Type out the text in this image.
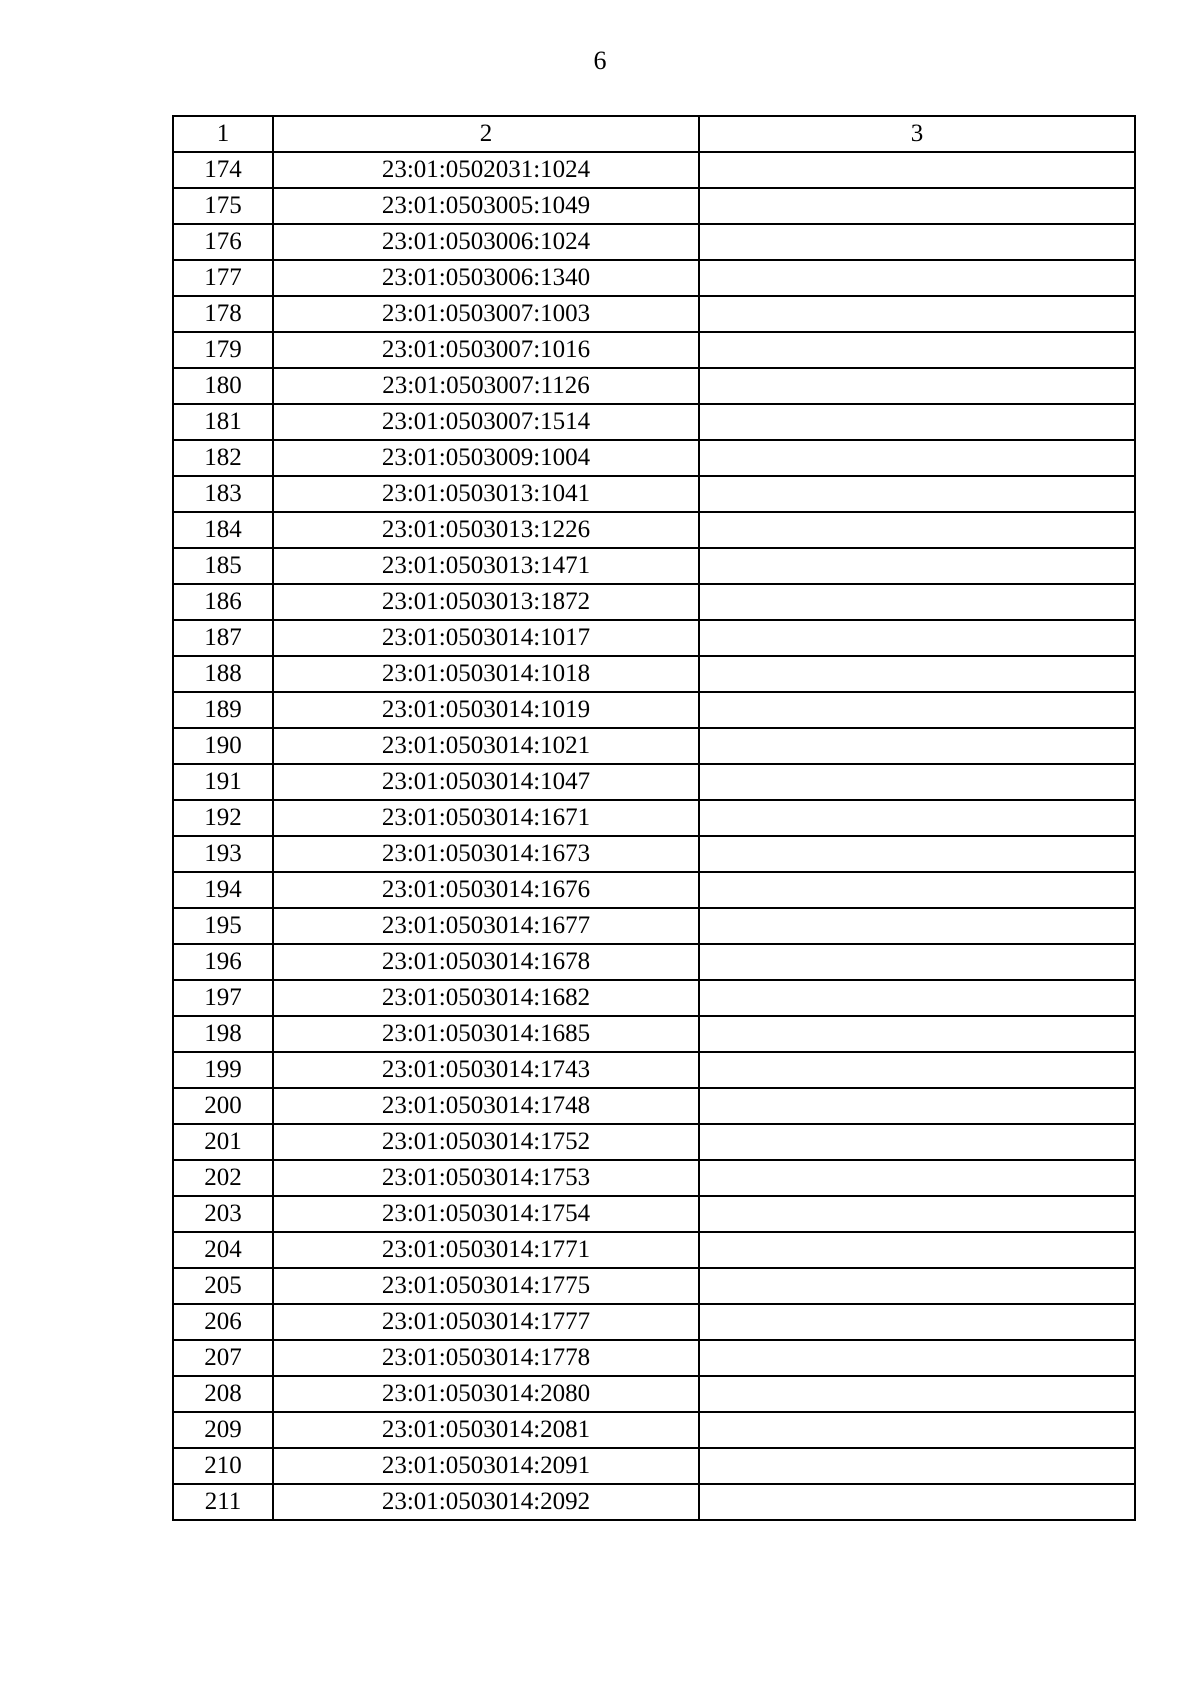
6
1	2	3
174	23:01:0502031:1024	
175	23:01:0503005:1049	
176	23:01:0503006:1024	
177	23:01:0503006:1340	
178	23:01:0503007:1003	
179	23:01:0503007:1016	
180	23:01:0503007:1126	
181	23:01:0503007:1514	
182	23:01:0503009:1004	
183	23:01:0503013:1041	
184	23:01:0503013:1226	
185	23:01:0503013:1471	
186	23:01:0503013:1872	
187	23:01:0503014:1017	
188	23:01:0503014:1018	
189	23:01:0503014:1019	
190	23:01:0503014:1021	
191	23:01:0503014:1047	
192	23:01:0503014:1671	
193	23:01:0503014:1673	
194	23:01:0503014:1676	
195	23:01:0503014:1677	
196	23:01:0503014:1678	
197	23:01:0503014:1682	
198	23:01:0503014:1685	
199	23:01:0503014:1743	
200	23:01:0503014:1748	
201	23:01:0503014:1752	
202	23:01:0503014:1753	
203	23:01:0503014:1754	
204	23:01:0503014:1771	
205	23:01:0503014:1775	
206	23:01:0503014:1777	
207	23:01:0503014:1778	
208	23:01:0503014:2080	
209	23:01:0503014:2081	
210	23:01:0503014:2091	
211	23:01:0503014:2092	
